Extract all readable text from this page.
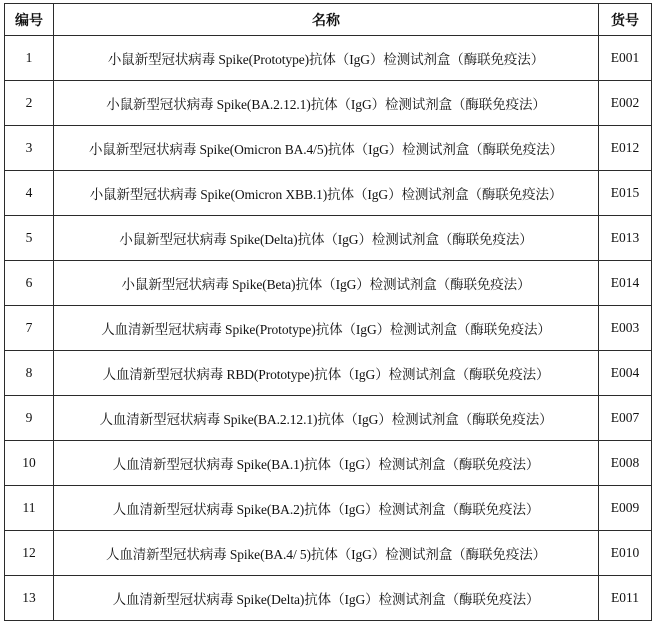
编号	名称	货号
1	小鼠新型冠状病毒 Spike(Prototype)抗体（IgG）检测试剂盒（酶联免疫法）	E001
2	小鼠新型冠状病毒 Spike(BA.2.12.1)抗体（IgG）检测试剂盒（酶联免疫法）	E002
3	小鼠新型冠状病毒 Spike(Omicron BA.4/5)抗体（IgG）检测试剂盒（酶联免疫法）	E012
4	小鼠新型冠状病毒 Spike(Omicron XBB.1)抗体（IgG）检测试剂盒（酶联免疫法）	E015
5	小鼠新型冠状病毒 Spike(Delta)抗体（IgG）检测试剂盒（酶联免疫法）	E013
6	小鼠新型冠状病毒 Spike(Beta)抗体（IgG）检测试剂盒（酶联免疫法）	E014
7	人血清新型冠状病毒 Spike(Prototype)抗体（IgG）检测试剂盒（酶联免疫法）	E003
8	人血清新型冠状病毒 RBD(Prototype)抗体（IgG）检测试剂盒（酶联免疫法）	E004
9	人血清新型冠状病毒 Spike(BA.2.12.1)抗体（IgG）检测试剂盒（酶联免疫法）	E007
10	人血清新型冠状病毒 Spike(BA.1)抗体（IgG）检测试剂盒（酶联免疫法）	E008
11	人血清新型冠状病毒 Spike(BA.2)抗体（IgG）检测试剂盒（酶联免疫法）	E009
12	人血清新型冠状病毒 Spike(BA.4/ 5)抗体（IgG）检测试剂盒（酶联免疫法）	E010
13	人血清新型冠状病毒 Spike(Delta)抗体（IgG）检测试剂盒（酶联免疫法）	E011
